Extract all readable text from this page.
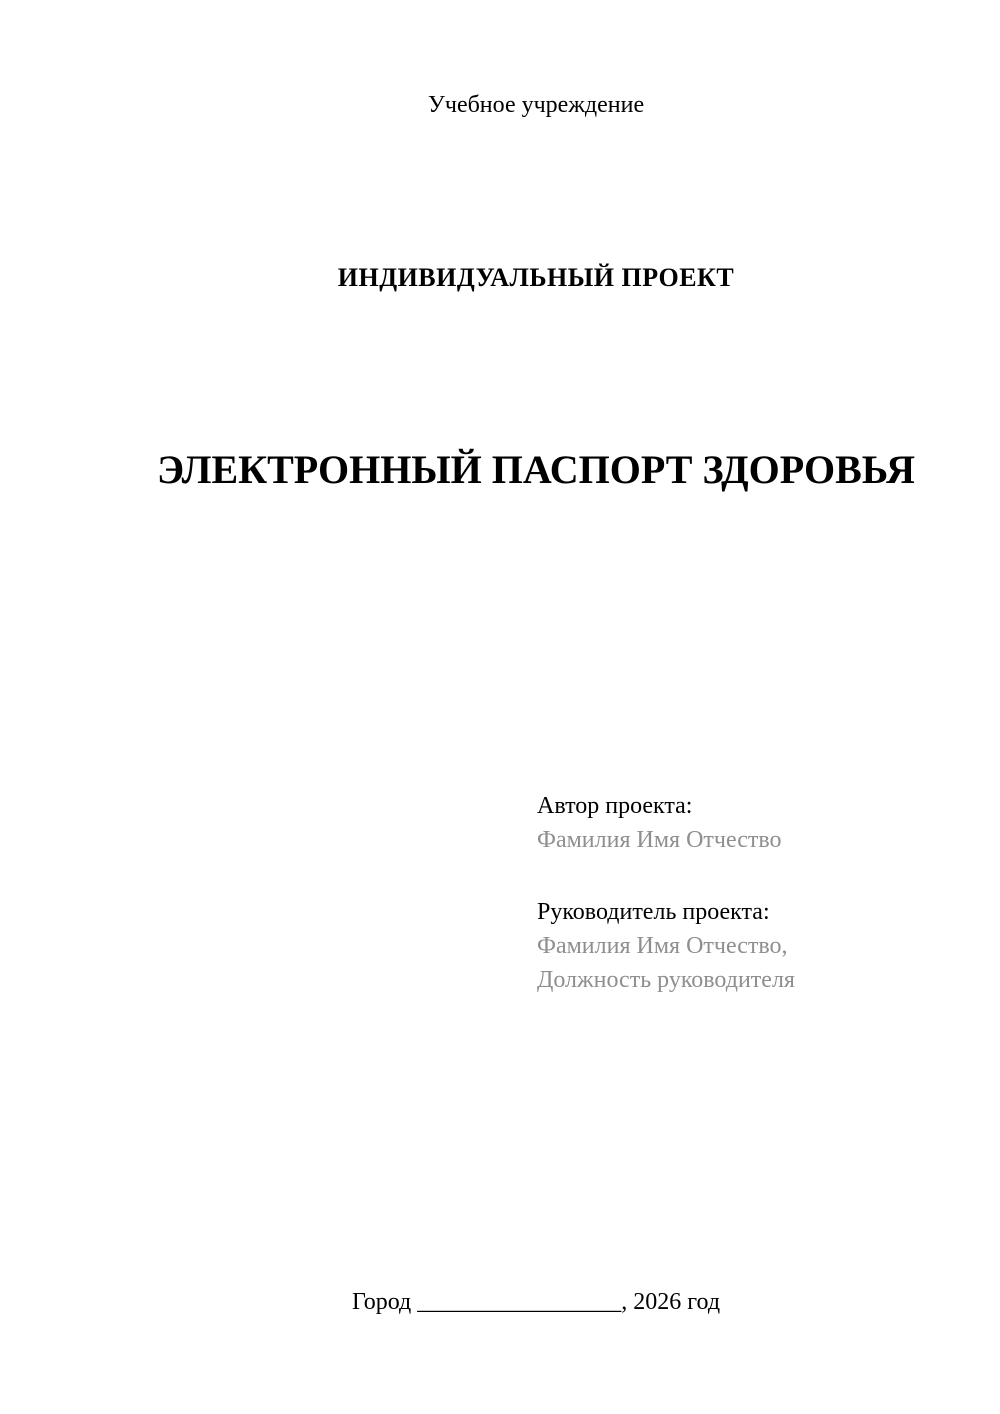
Учебное учреждение
ИНДИВИДУАЛЬНЫЙ ПРОЕКТ
ЭЛЕКТРОННЫЙ ПАСПОРТ ЗДОРОВЬЯ
Автор проекта:
Фамилия Имя Отчество
Руководитель проекта:
Фамилия Имя Отчество,
Должность руководителя
Город _________________, 2026 год
